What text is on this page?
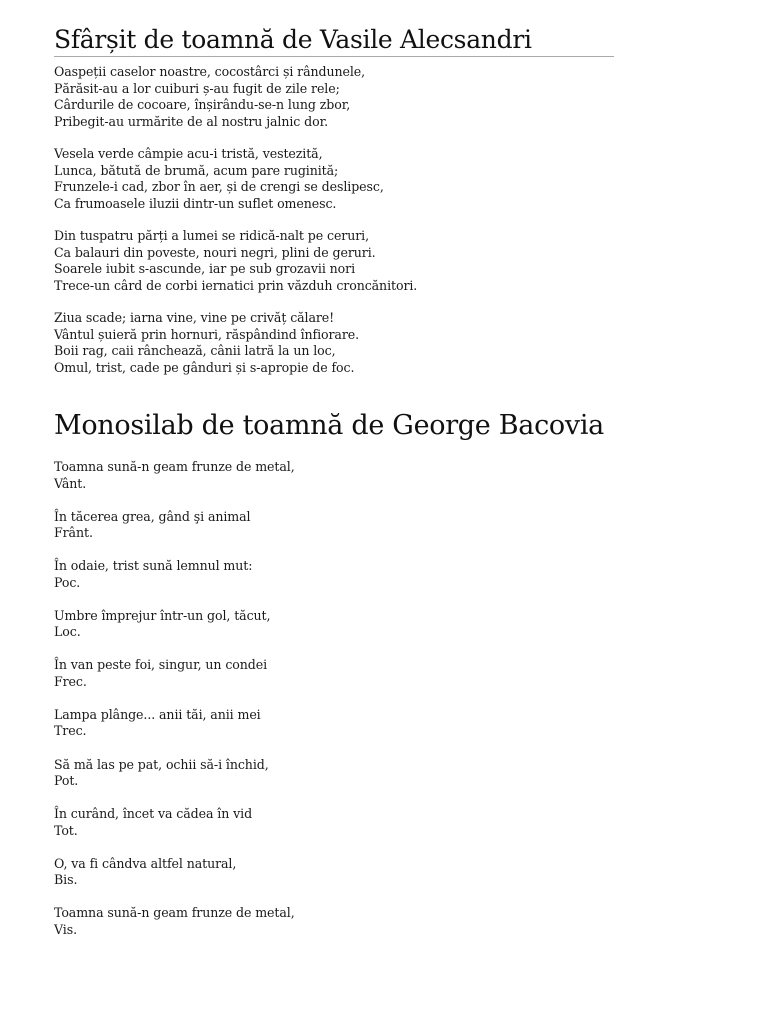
Sfârșit de toamnă de Vasile Alecsandri
Oaspeții caselor noastre, cocostârci și rândunele,
Părăsit-au a lor cuiburi ș-au fugit de zile rele;
Cârdurile de cocoare, înșirându-se-n lung zbor,
Pribegit-au urmărite de al nostru jalnic dor.
Vesela verde câmpie acu-i tristă, vestezită,
Lunca, bătută de brumă, acum pare ruginită;
Frunzele-i cad, zbor în aer, și de crengi se deslipesc,
Ca frumoasele iluzii dintr-un suflet omenesc.
Din tuspatru părți a lumei se ridică-nalt pe ceruri,
Ca balauri din poveste, nouri negri, plini de geruri.
Soarele iubit s-ascunde, iar pe sub grozavii nori
Trece-un cârd de corbi iernatici prin văzduh croncănitori.
Ziua scade; iarna vine, vine pe crivăț călare!
Vântul șuieră prin hornuri, răspândind înfiorare.
Boii rag, caii rânchează, cânii latră la un loc,
Omul, trist, cade pe gânduri și s-apropie de foc.
Monosilab de toamnă de George Bacovia
Toamna sună-n geam frunze de metal,
Vânt.
În tăcerea grea, gând şi animal
Frânt.
În odaie, trist sună lemnul mut:
Poc.
Umbre împrejur într-un gol, tăcut,
Loc.
În van peste foi, singur, un condei
Frec.
Lampa plânge... anii tăi, anii mei
Trec.
Să mă las pe pat, ochii să-i închid,
Pot.
În curând, încet va cădea în vid
Tot.
O, va fi cândva altfel natural,
Bis.
Toamna sună-n geam frunze de metal,
Vis.
